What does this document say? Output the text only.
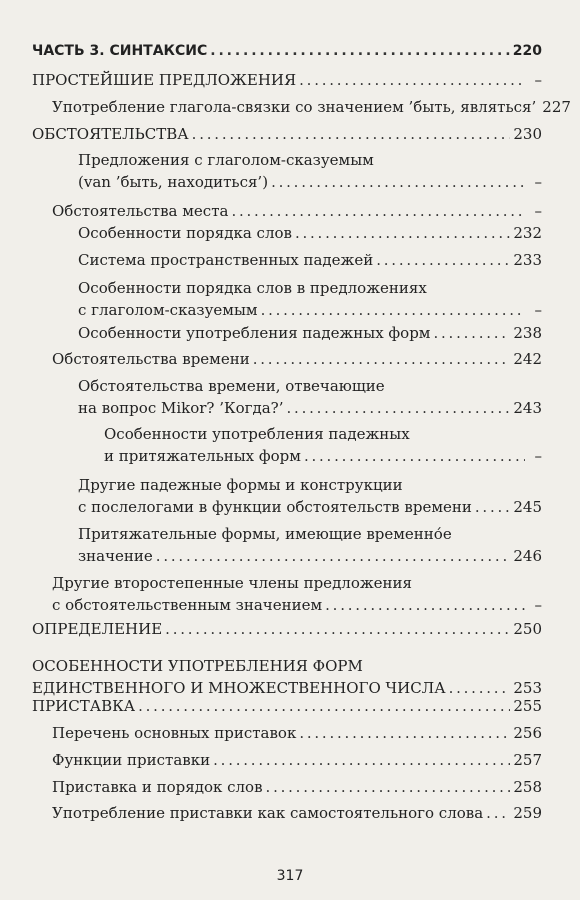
ЧАСТЬ 3. СИНТАКСИС . . .	220
ПРОСТЕЙШИЕ ПРЕДЛОЖЕНИЯ . . .	–
Употребление глагола-связки со значением ’быть, являться’ 227
ОБСТОЯТЕЛЬСТВА . . .	230
Предложения с глаголом-сказуемым
(van ’быть, находиться’) . . .	–
Обстоятельства места . . .	–
Особенности порядка слов . . .	232
Система пространственных падежей . . .	233
Особенности порядка слов в предложениях
с глаголом-сказуемым . . .	–
Особенности употребления падежных форм . . .	238
Обстоятельства времени . . .	242
Обстоятельства времени, отвечающие
на вопрос Mikor? ’Когда?’ . . .	243
Особенности употребления падежных
и притяжательных форм . . .	–
Другие падежные формы и конструкции
с послелогами в функции обстоятельств времени . . .	245
Притяжательные формы, имеющие временно́е
значение . . .	246
Другие второстепенные члены предложения
с обстоятельственным значением . . .	–
ОПРЕДЕЛЕНИЕ . . .	250
ОСОБЕННОСТИ УПОТРЕБЛЕНИЯ ФОРМ
ЕДИНСТВЕННОГО И МНОЖЕСТВЕННОГО ЧИСЛА . . .	253
ПРИСТАВКА . . .	255
Перечень основных приставок . . .	256
Функции приставки . . .	257
Приставка и порядок слов . . .	258
Употребление приставки как самостоятельного слова . . . 259
317
